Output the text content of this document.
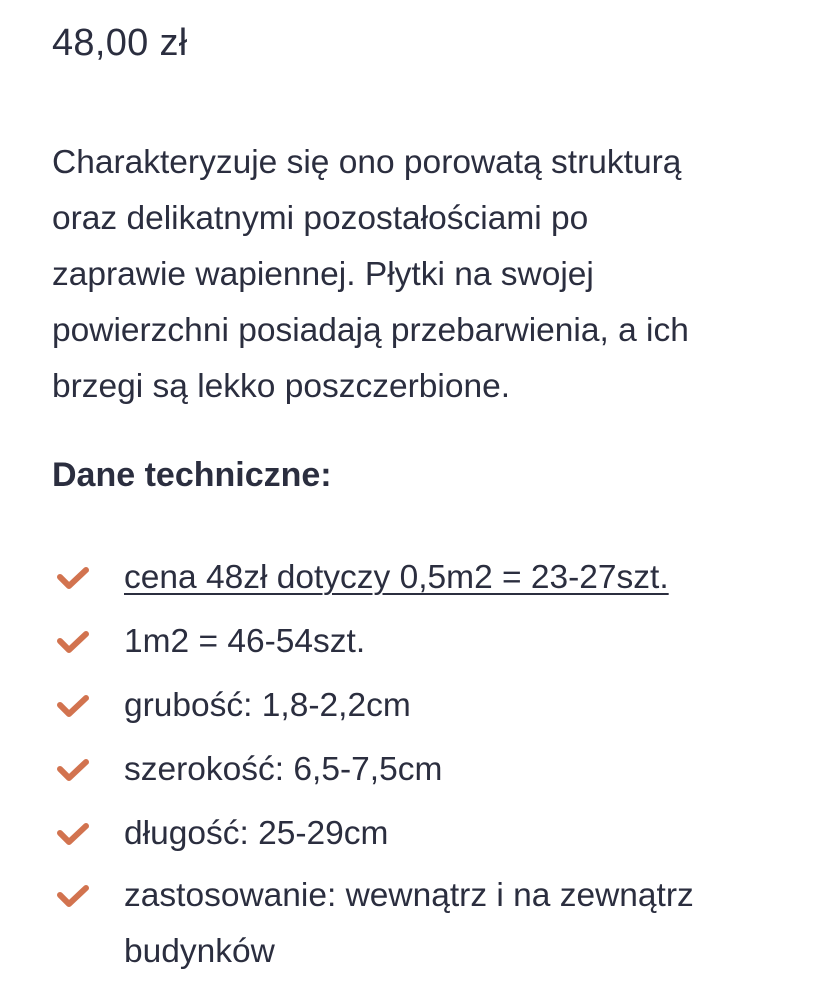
48,00 zł
Charakteryzuje się ono porowatą strukturą
oraz delikatnymi pozostałościami po
zaprawie wapiennej. Płytki na swojej
powierzchni posiadają przebarwienia, a ich
brzegi są lekko poszczerbione.
Dane techniczne:
cena 48zł dotyczy 0,5m2 = 23-27szt.
1m2 = 46-54szt.
grubość: 1,8-2,2cm
szerokość: 6,5-7,5cm
długość: 25-29cm
zastosowanie: wewnątrz i na zewnątrz
budynków
